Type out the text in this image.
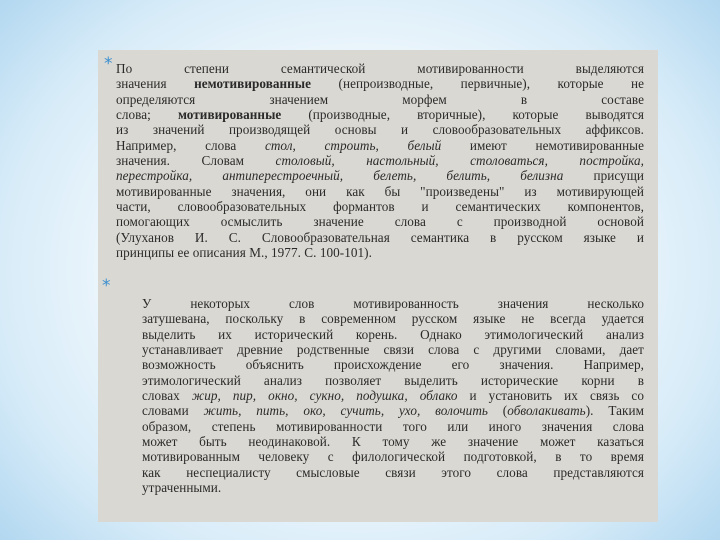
*
*
По степени семантической мотивированности выделяются
значения немотивированные (непроизводные, первичные), которые не
определяются значением морфем в составе
слова; мотивированные (производные, вторичные), которые выводятся
из значений производящей основы и словообразовательных аффиксов.
Например, слова стол, строить, белый имеют немотивированные
значения. Словам столовый, настольный, столоваться, постройка,
перестройка, антиперестроечный, белеть, белить, белизна присущи
мотивированные значения, они как бы "произведены" из мотивирующей
части, словообразовательных формантов и семантических компонентов,
помогающих осмыслить значение слова с производной основой
(Улуханов И. С. Словообразовательная семантика в русском языке и
принципы ее описания М., 1977. С. 100-101).
У некоторых слов мотивированность значения несколько
затушевана, поскольку в современном русском языке не всегда удается
выделить их исторический корень. Однако этимологический анализ
устанавливает древние родственные связи слова с другими словами, дает
возможность объяснить происхождение его значения. Например,
этимологический анализ позволяет выделить исторические корни в
словах жир, пир, окно, сукно, подушка, облако и установить их связь со
словами жить, пить, око, сучить, ухо, волочить (обволакивать). Таким
образом, степень мотивированности того или иного значения слова
может быть неодинаковой. К тому же значение может казаться
мотивированным человеку с филологической подготовкой, в то время
как неспециалисту смысловые связи этого слова представляются
утраченными.
